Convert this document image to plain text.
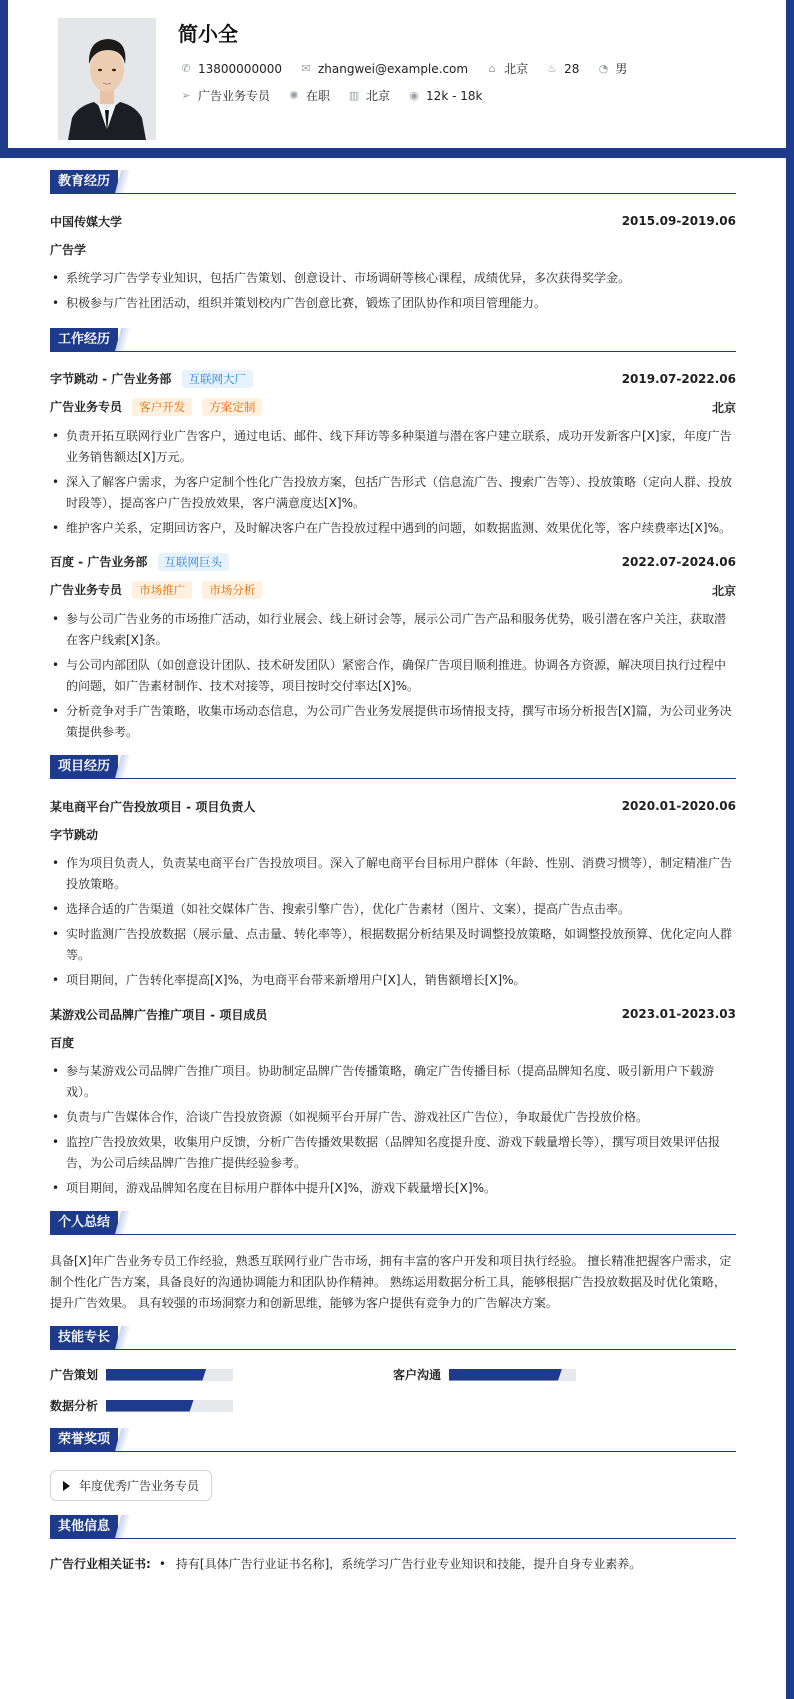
简小全
✆ 13800000000 ✉ zhangwei@example.com ⌂ 北京 ♨ 28 ◔ 男
➢ 广告业务专员 ✺ 在职 ▥ 北京 ◉ 12k - 18k
教育经历
中国传媒大学	2015.09-2019.06
广告学
• 系统学习广告学专业知识，包括广告策划、创意设计、市场调研等核心课程，成绩优异，多次获得奖学金。
• 积极参与广告社团活动，组织并策划校内广告创意比赛，锻炼了团队协作和项目管理能力。
工作经历
字节跳动 - 广告业务部 互联网大厂	2019.07-2022.06
广告业务专员 客户开发 方案定制	北京
• 负责开拓互联网行业广告客户，通过电话、邮件、线下拜访等多种渠道与潜在客户建立联系，成功开发新客户[X]家，年度广告业务销售额达[X]万元。
• 深入了解客户需求，为客户定制个性化广告投放方案，包括广告形式（信息流广告、搜索广告等）、投放策略（定向人群、投放时段等），提高客户广告投放效果，客户满意度达[X]%。
• 维护客户关系，定期回访客户，及时解决客户在广告投放过程中遇到的问题，如数据监测、效果优化等，客户续费率达[X]%。
百度 - 广告业务部 互联网巨头	2022.07-2024.06
广告业务专员 市场推广 市场分析	北京
• 参与公司广告业务的市场推广活动，如行业展会、线上研讨会等，展示公司广告产品和服务优势，吸引潜在客户关注，获取潜在客户线索[X]条。
• 与公司内部团队（如创意设计团队、技术研发团队）紧密合作，确保广告项目顺利推进。协调各方资源，解决项目执行过程中的问题，如广告素材制作、技术对接等，项目按时交付率达[X]%。
• 分析竞争对手广告策略，收集市场动态信息，为公司广告业务发展提供市场情报支持，撰写市场分析报告[X]篇，为公司业务决策提供参考。
项目经历
某电商平台广告投放项目 - 项目负责人	2020.01-2020.06
字节跳动
• 作为项目负责人，负责某电商平台广告投放项目。深入了解电商平台目标用户群体（年龄、性别、消费习惯等），制定精准广告投放策略。
• 选择合适的广告渠道（如社交媒体广告、搜索引擎广告），优化广告素材（图片、文案），提高广告点击率。
• 实时监测广告投放数据（展示量、点击量、转化率等），根据数据分析结果及时调整投放策略，如调整投放预算、优化定向人群等。
• 项目期间，广告转化率提高[X]%，为电商平台带来新增用户[X]人，销售额增长[X]%。
某游戏公司品牌广告推广项目 - 项目成员	2023.01-2023.03
百度
• 参与某游戏公司品牌广告推广项目。协助制定品牌广告传播策略，确定广告传播目标（提高品牌知名度、吸引新用户下载游戏）。
• 负责与广告媒体合作，洽谈广告投放资源（如视频平台开屏广告、游戏社区广告位），争取最优广告投放价格。
• 监控广告投放效果，收集用户反馈，分析广告传播效果数据（品牌知名度提升度、游戏下载量增长等），撰写项目效果评估报告，为公司后续品牌广告推广提供经验参考。
• 项目期间，游戏品牌知名度在目标用户群体中提升[X]%，游戏下载量增长[X]%。
个人总结
具备[X]年广告业务专员工作经验，熟悉互联网行业广告市场，拥有丰富的客户开发和项目执行经验。 擅长精准把握客户需求，定制个性化广告方案，具备良好的沟通协调能力和团队协作精神。 熟练运用数据分析工具，能够根据广告投放数据及时优化策略，提升广告效果。 具有较强的市场洞察力和创新思维，能够为客户提供有竞争力的广告解决方案。
技能专长
广告策划	客户沟通
数据分析
荣誉奖项
年度优秀广告业务专员
其他信息
广告行业相关证书: • 持有[具体广告行业证书名称]，系统学习广告行业专业知识和技能，提升自身专业素养。
